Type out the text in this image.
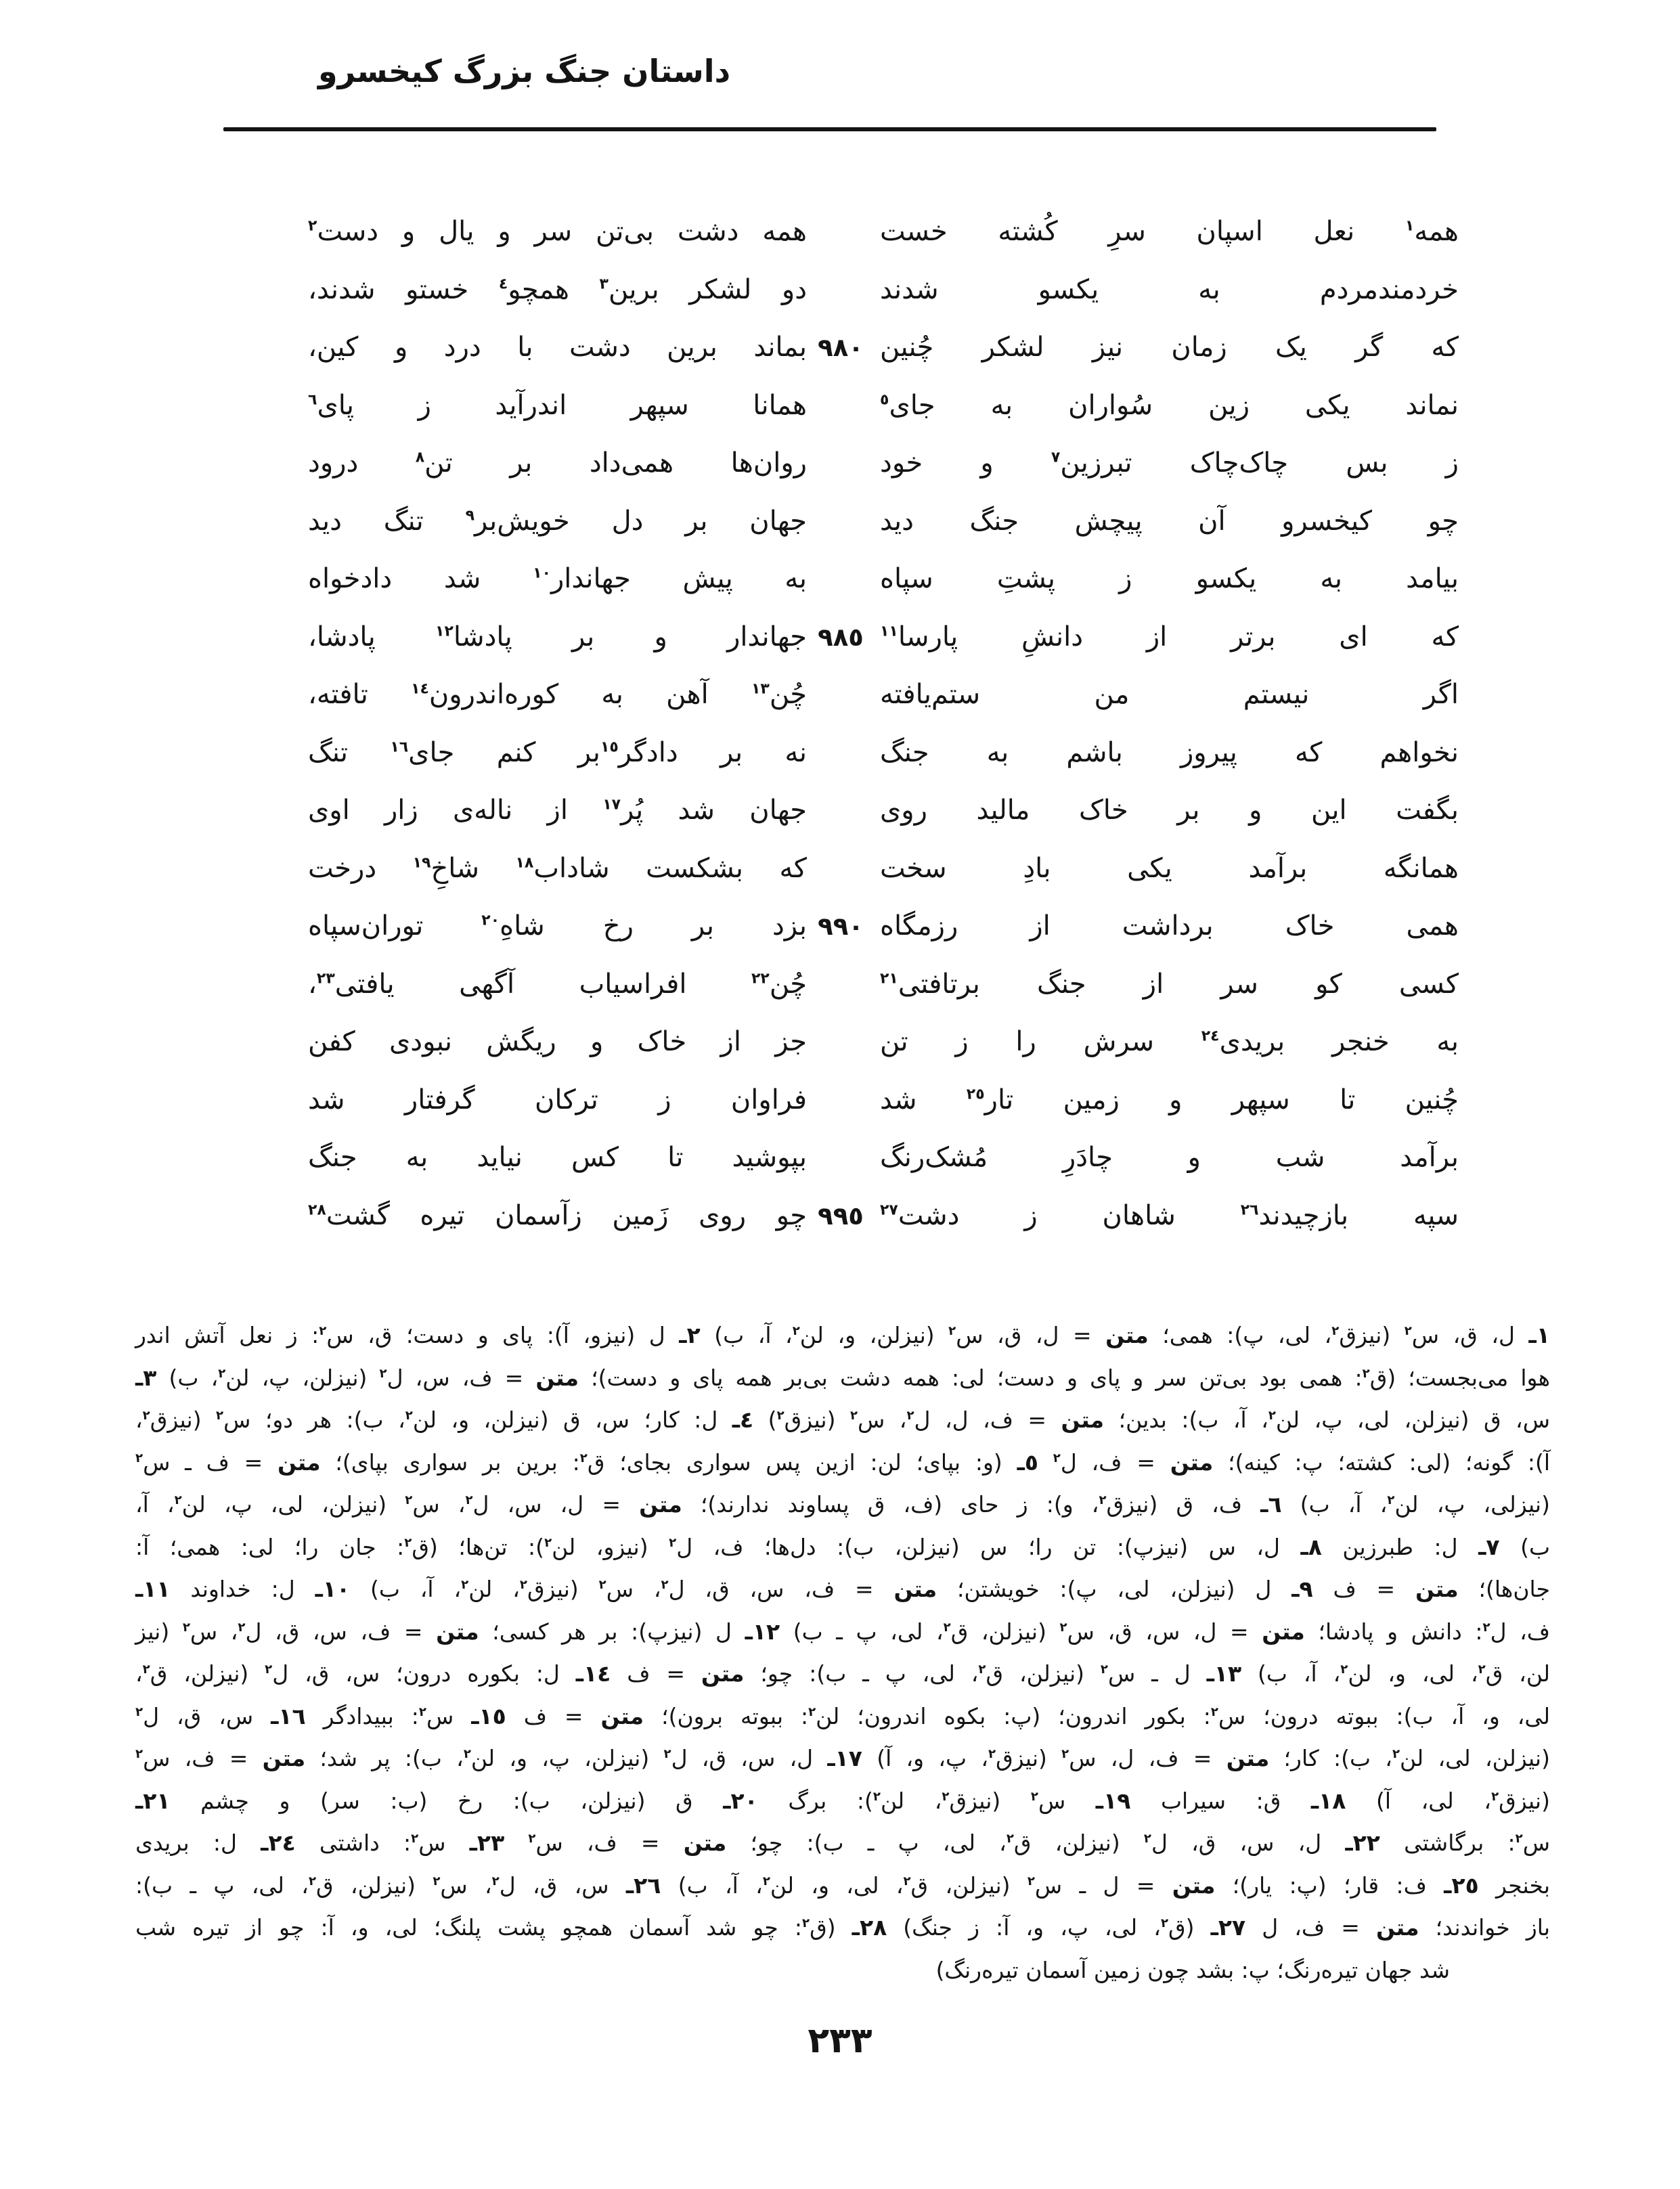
داستان جنگ بزرگ کیخسرو
همه$^١$ نعل اسپان سرِ کُشته خست
خردمندمردم به یکسو شدند
که گر یک زمان نیز لشکر چُنین
٩٨٠
نماند یکی زین سُواران به جای$^٥$
ز بس چاک‌چاک تبرزین$^٧$ و خود
چو کیخسرو آن پیچش جنگ دید
بیامد به یکسو ز پشتِ سپاه
که ای برتر از دانشِ پارسا$^{١١}$
٩٨٥
اگر نیستم من ستم‌یافته
نخواهم که پیروز باشم به جنگ
بگفت این و بر خاک مالید روی
همانگه برآمد یکی بادِ سخت
همی خاک برداشت از رزمگاه
٩٩٠
کسی کو سر از جنگ برتافتی$^{٢١}$
به خنجر بریدی$^{٢٤}$ سرش را ز تن
چُنین تا سپهر و زمین تار$^{٢٥}$ شد
برآمد شب و چادَرِ مُشک‌رنگ
سپه بازچیدند$^{٢٦}$ شاهان ز دشت$^{٢٧}$
٩٩٥
همه دشت بی‌تن سر و یال و دست$^٢$
دو لشکر برین$^٣$ همچو$^٤$ خستو شدند،
بماند برین دشت با درد و کین،
همانا سپهر اندرآید ز پای$^٦$
روان‌ها همی‌داد بر تن$^٨$ درود
جهان بر دل خویش‌بر$^٩$ تنگ دید
به پیش جهاندار$^{١٠}$ شد دادخواه
جهاندار و بر پادشا$^{١٢}$ پادشا،
چُن$^{١٣}$ آهن به کوره‌اندرون$^{١٤}$ تافته،
نه بر دادگر$^{١٥}$بر کنم جای$^{١٦}$ تنگ
جهان شد پُر$^{١٧}$ از ناله‌ی زار اوی
که بشکست شاداب$^{١٨}$ شاخِ$^{١٩}$ درخت
بزد بر رخ شاهِ$^{٢٠}$ توران‌سپاه
چُن$^{٢٢}$ افراسیاب آگهی یافتی$^{٢٣}$،
جز از خاک و ریگش نبودی کفن
فراوان ز ترکان گرفتار شد
بپوشید تا کس نیاید به جنگ
چو روی زَمین زآسمان تیره گشت$^{٢٨}$
١ـ ل، ق، س$^٢$ (نیزق$^٢$، لی، پ): همی؛ متن = ل، ق، س$^٢$ (نیزلن، و، لن$^٢$، آ، ب) ٢ـ ل (نیزو، آ): پای و دست؛ ق، س$^٢$: ز نعل آتش اندر
هوا می‌بجست؛ (ق$^٢$: همی بود بی‌تن سر و پای و دست؛ لی: همه دشت بی‌بر همه پای و دست)؛ متن = ف، س، ل$^٢$ (نیزلن، پ، لن$^٢$، ب) ٣ـ
س، ق (نیزلن، لی، پ، لن$^٢$، آ، ب): بدین؛ متن = ف، ل، ل$^٢$، س$^٢$ (نیزق$^٢$) ٤ـ ل: کار؛ س، ق (نیزلن، و، لن$^٢$، ب): هر دو؛ س$^٢$ (نیزق$^٢$،
آ): گونه؛ (لی: کشته؛ پ: کینه)؛ متن = ف، ل$^٢$ ٥ـ (و: بپای؛ لن: ازین پس سواری بجای؛ ق$^٢$: برین بر سواری بپای)؛ متن = ف ـ س$^٢$
(نیزلی، پ، لن$^٢$، آ، ب) ٦ـ ف، ق (نیزق$^٢$، و): ز حای (ف، ق پساوند ندارند)؛ متن = ل، س، ل$^٢$، س$^٢$ (نیزلن، لی، پ، لن$^٢$، آ،
ب) ٧ـ ل: طبرزین ٨ـ ل، س (نیزپ): تن را؛ س (نیزلن، ب): دل‌ها؛ ف، ل$^٢$ (نیزو، لن$^٢$): تن‌ها؛ (ق$^٢$: جان را؛ لی: همی؛ آ:
جان‌ها)؛ متن = ف ٩ـ ل (نیزلن، لی، پ): خویشتن؛ متن = ف، س، ق، ل$^٢$، س$^٢$ (نیزق$^٢$، لن$^٢$، آ، ب) ١٠ـ ل: خداوند ١١ـ
ف، ل$^٢$: دانش و پادشا؛ متن = ل، س، ق، س$^٢$ (نیزلن، ق$^٢$، لی، پ ـ ب) ١٢ـ ل (نیزپ): بر هر کسی؛ متن = ف، س، ق، ل$^٢$، س$^٢$ (نیز
لن، ق$^٢$، لی، و، لن$^٢$، آ، ب) ١٣ـ ل ـ س$^٢$ (نیزلن، ق$^٢$، لی، پ ـ ب): چو؛ متن = ف ١٤ـ ل: بکوره درون؛ س، ق، ل$^٢$ (نیزلن، ق$^٢$،
لی، و، آ، ب): ببوته درون؛ س$^٢$: بکور اندرون؛ (پ: بکوه اندرون؛ لن$^٢$: ببوته برون)؛ متن = ف ١٥ـ س$^٢$: ببیدادگر ١٦ـ س، ق، ل$^٢$
(نیزلن، لی، لن$^٢$، ب): کار؛ متن = ف، ل، س$^٢$ (نیزق$^٢$، پ، و، آ) ١٧ـ ل، س، ق، ل$^٢$ (نیزلن، پ، و، لن$^٢$، ب): پر شد؛ متن = ف، س$^٢$
(نیزق$^٢$، لی، آ) ١٨ـ ق: سیراب ١٩ـ س$^٢$ (نیزق$^٢$، لن$^٢$): برگ ٢٠ـ ق (نیزلن، ب): رخ (ب: سر) و چشم ٢١ـ
س$^٢$: برگاشتی ٢٢ـ ل، س، ق، ل$^٢$ (نیزلن، ق$^٢$، لی، پ ـ ب): چو؛ متن = ف، س$^٢$ ٢٣ـ س$^٢$: داشتی ٢٤ـ ل: بریدی
بخنجر ٢٥ـ ف: قار؛ (پ: یار)؛ متن = ل ـ س$^٢$ (نیزلن، ق$^٢$، لی، و، لن$^٢$، آ، ب) ٢٦ـ س، ق، ل$^٢$، س$^٢$ (نیزلن، ق$^٢$، لی، پ ـ ب):
باز خواندند؛ متن = ف، ل ٢٧ـ (ق$^٢$، لی، پ، و، آ: ز جنگ) ٢٨ـ (ق$^٢$: چو شد آسمان همچو پشت پلنگ؛ لی، و، آ: چو از تیره شب
شد جهان تیره‌رنگ؛ پ: بشد چون زمین آسمان تیره‌رنگ)
٢٣٣
